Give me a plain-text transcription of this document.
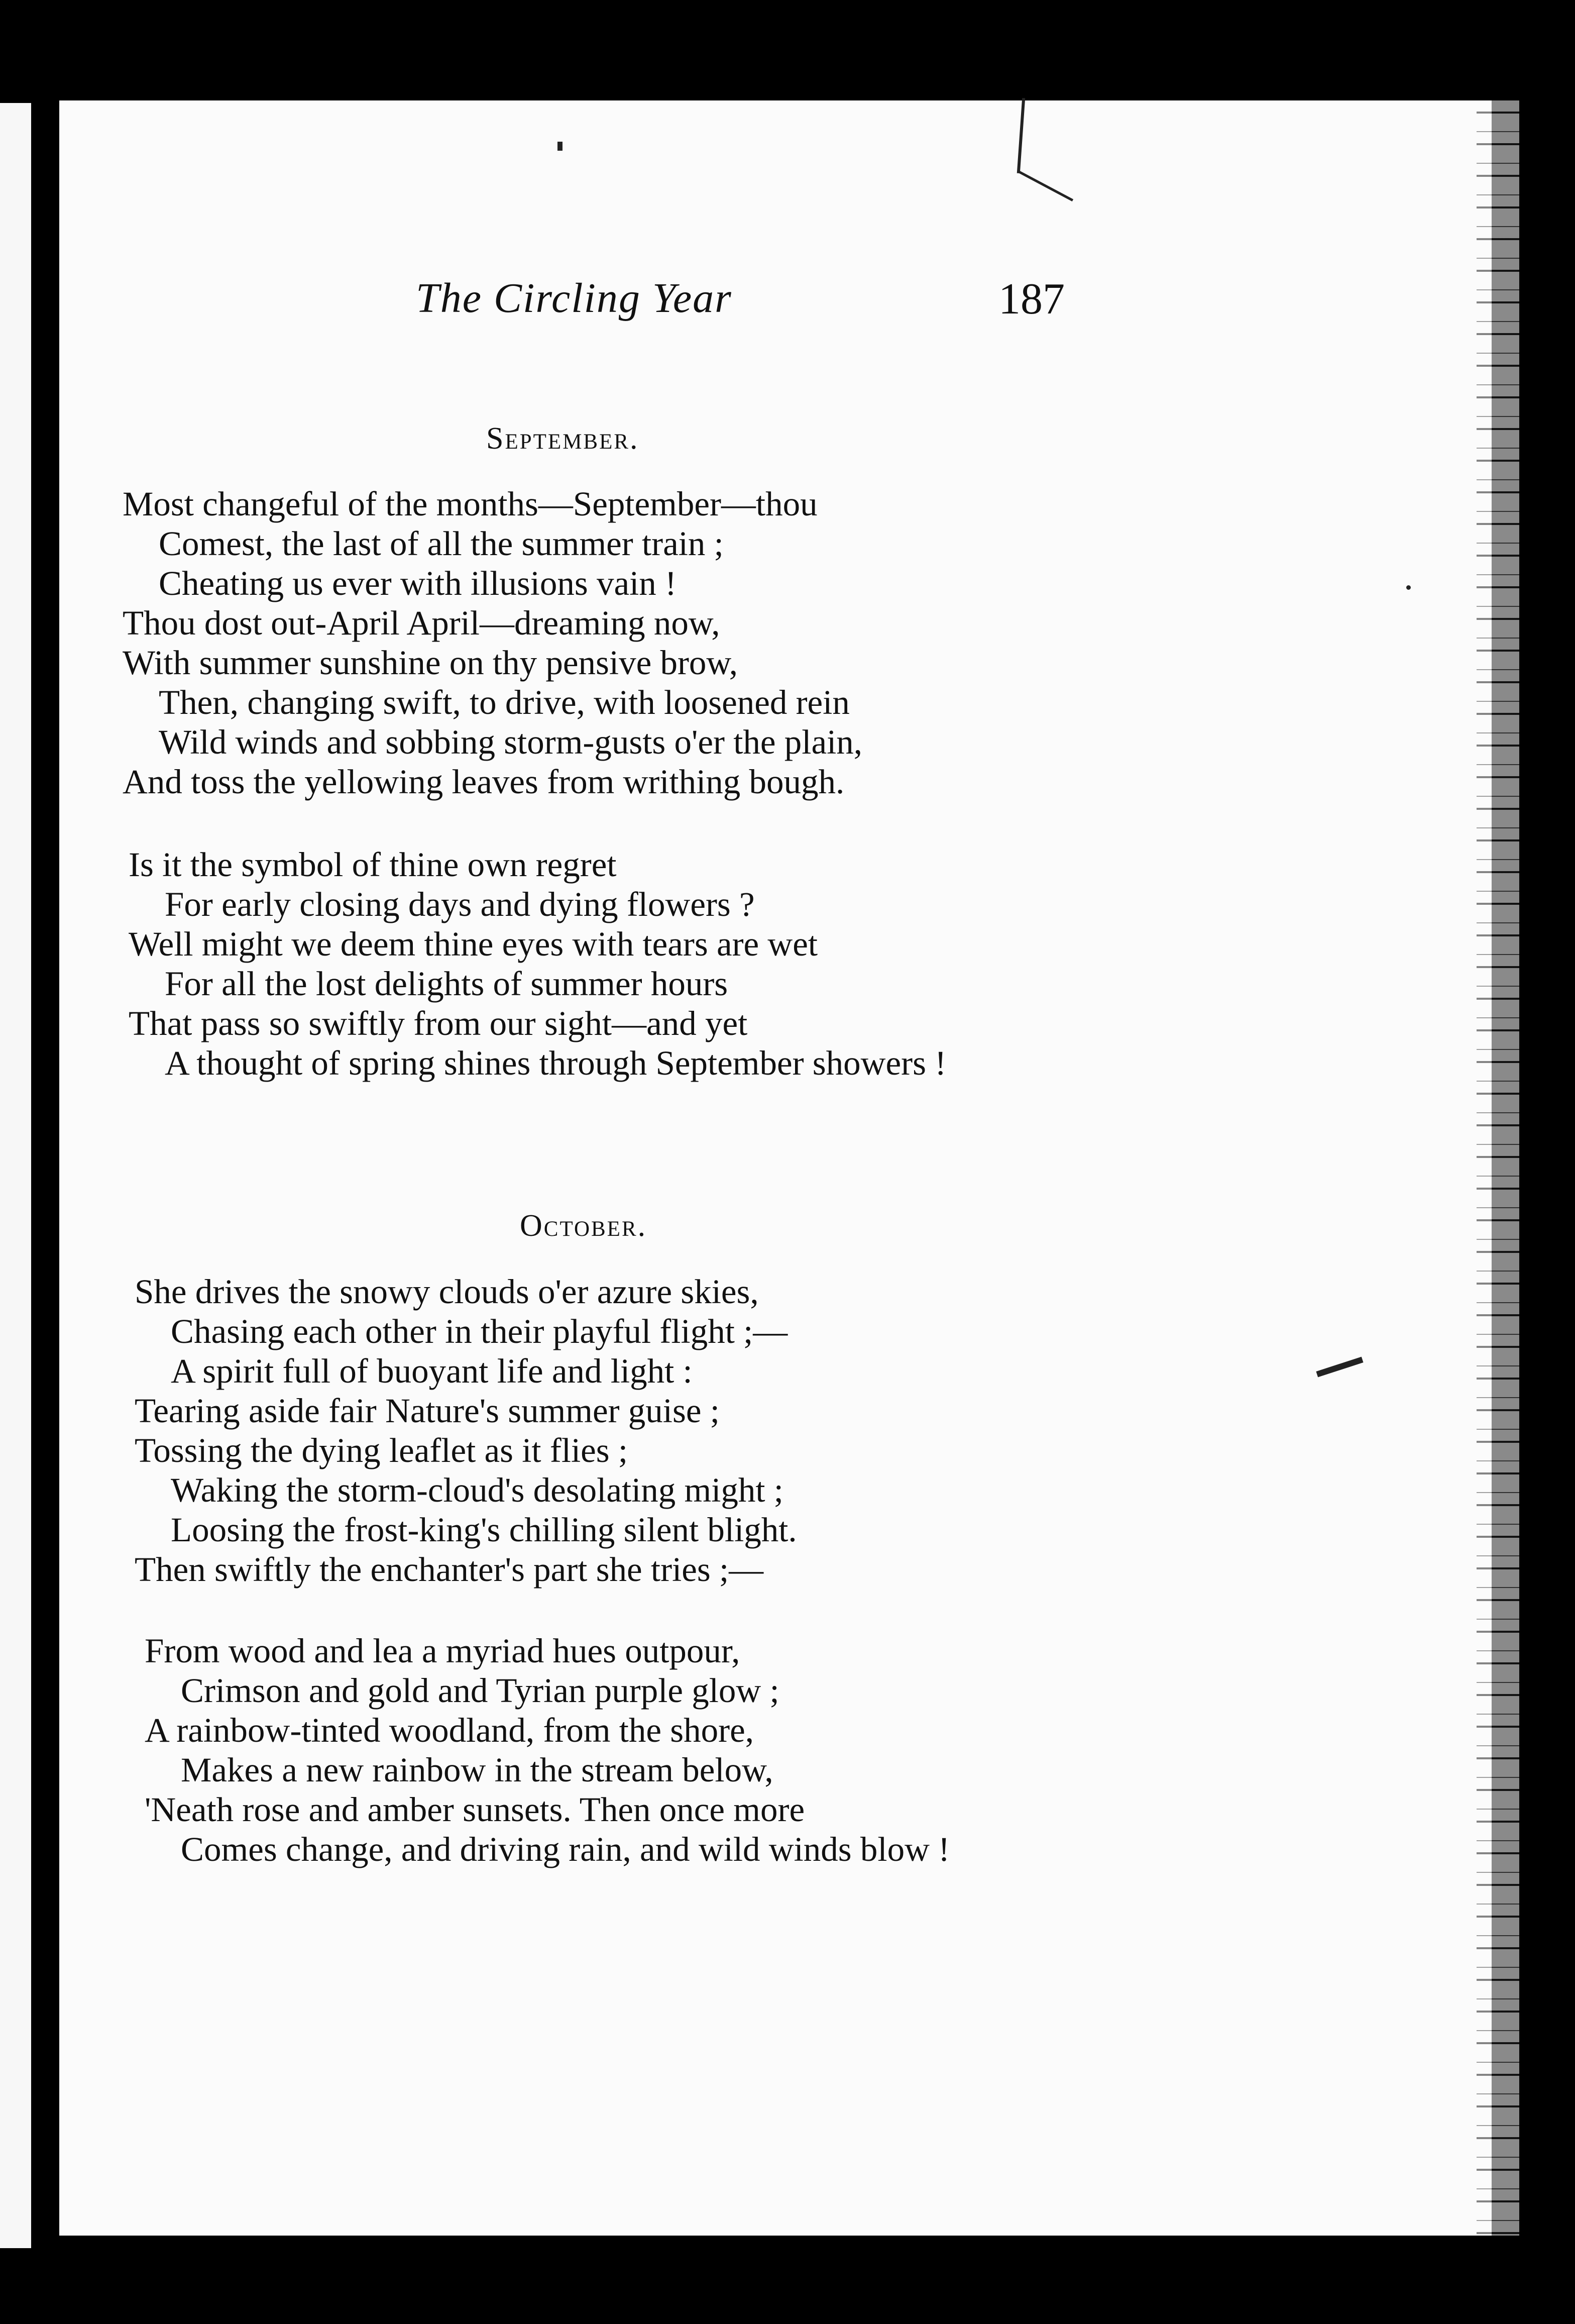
The Circling Year	187
September.
Most changeful of the months—September—thou
Comest, the last of all the summer train ;
Cheating us ever with illusions vain !
Thou dost out-April April—dreaming now,
With summer sunshine on thy pensive brow,
Then, changing swift, to drive, with loosened rein
Wild winds and sobbing storm-gusts o'er the plain,
And toss the yellowing leaves from writhing bough.
Is it the symbol of thine own regret
For early closing days and dying flowers ?
Well might we deem thine eyes with tears are wet
For all the lost delights of summer hours
That pass so swiftly from our sight—and yet
A thought of spring shines through September showers !
October.
She drives the snowy clouds o'er azure skies,
Chasing each other in their playful flight ;—
A spirit full of buoyant life and light :
Tearing aside fair Nature's summer guise ;
Tossing the dying leaflet as it flies ;
Waking the storm-cloud's desolating might ;
Loosing the frost-king's chilling silent blight.
Then swiftly the enchanter's part she tries ;—
From wood and lea a myriad hues outpour,
Crimson and gold and Tyrian purple glow ;
A rainbow-tinted woodland, from the shore,
Makes a new rainbow in the stream below,
'Neath rose and amber sunsets. Then once more
Comes change, and driving rain, and wild winds blow !
